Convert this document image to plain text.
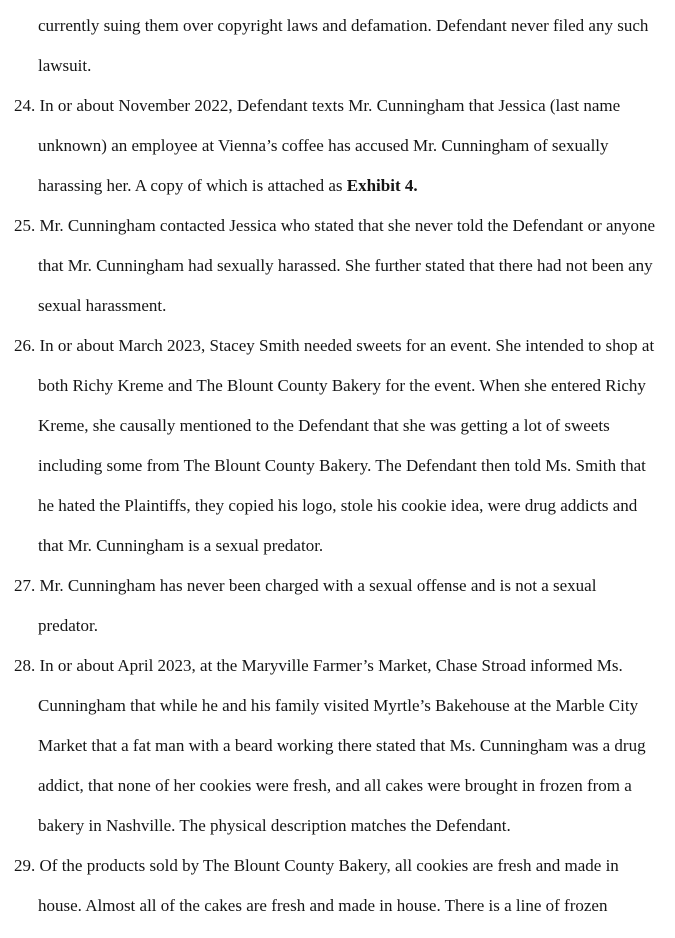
currently suing them over copyright laws and defamation. Defendant never filed any such lawsuit.

24. In or about November 2022, Defendant texts Mr. Cunningham that Jessica (last name unknown) an employee at Vienna’s coffee has accused Mr. Cunningham of sexually harassing her. A copy of which is attached as Exhibit 4.

25. Mr. Cunningham contacted Jessica who stated that she never told the Defendant or anyone that Mr. Cunningham had sexually harassed. She further stated that there had not been any sexual harassment.

26. In or about March 2023, Stacey Smith needed sweets for an event. She intended to shop at both Richy Kreme and The Blount County Bakery for the event. When she entered Richy Kreme, she causally mentioned to the Defendant that she was getting a lot of sweets including some from The Blount County Bakery. The Defendant then told Ms. Smith that he hated the Plaintiffs, they copied his logo, stole his cookie idea, were drug addicts and that Mr. Cunningham is a sexual predator.

27. Mr. Cunningham has never been charged with a sexual offense and is not a sexual predator.

28. In or about April 2023, at the Maryville Farmer’s Market, Chase Stroad informed Ms. Cunningham that while he and his family visited Myrtle’s Bakehouse at the Marble City Market that a fat man with a beard working there stated that Ms. Cunningham was a drug addict, that none of her cookies were fresh, and all cakes were brought in frozen from a bakery in Nashville. The physical description matches the Defendant.

29. Of the products sold by The Blount County Bakery, all cookies are fresh and made in house. Almost all of the cakes are fresh and made in house. There is a line of frozen
